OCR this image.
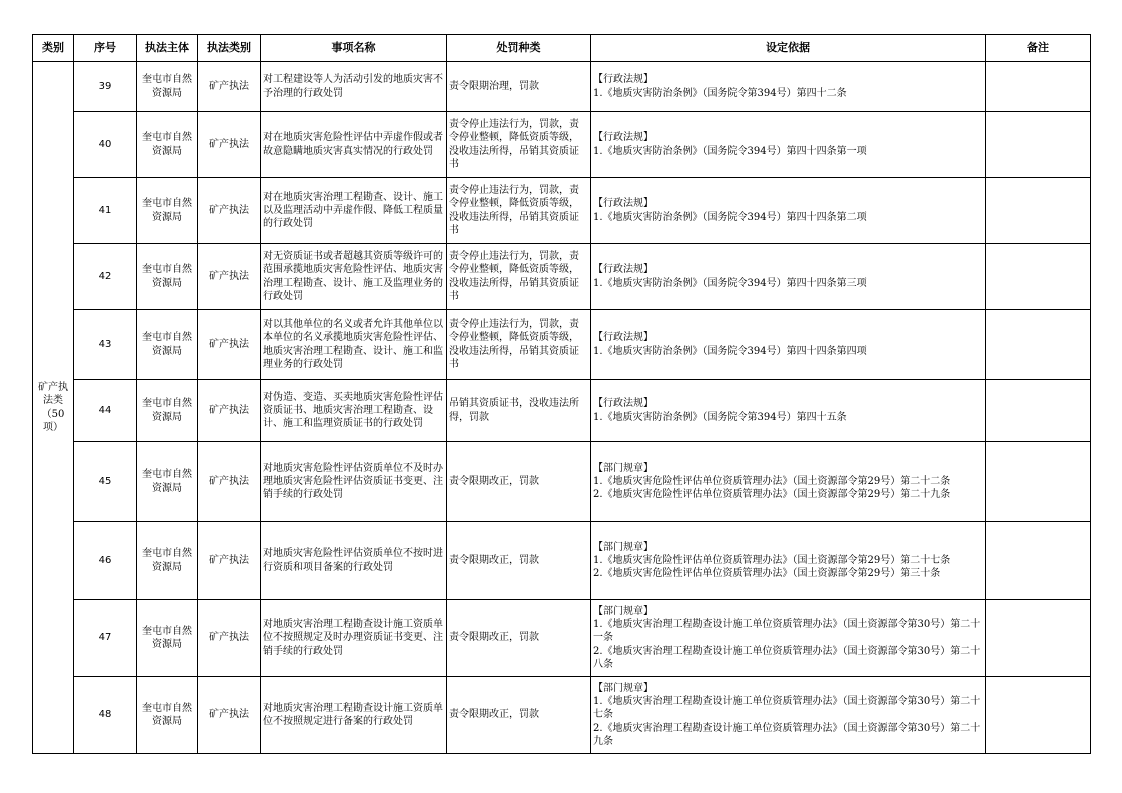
类别	序号	执法主体	执法类别	事项名称	处罚种类	设定依据	备注
矿产执法类（50项）	39	奎屯市自然资源局	矿产执法	对工程建设等人为活动引发的地质灾害不予治理的行政处罚	责令限期治理，罚款	【行政法规】
1.《地质灾害防治条例》（国务院令第394号）第四十二条	

	40	奎屯市自然资源局	矿产执法	对在地质灾害危险性评估中弄虚作假或者故意隐瞒地质灾害真实情况的行政处罚	责令停止违法行为，罚款，责令停业整顿，降低资质等级，没收违法所得，吊销其资质证书	【行政法规】
1.《地质灾害防治条例》（国务院令394号）第四十四条第一项	

	41	奎屯市自然资源局	矿产执法	对在地质灾害治理工程勘查、设计、施工以及监理活动中弄虚作假、降低工程质量的行政处罚	责令停止违法行为，罚款，责令停业整顿，降低资质等级，没收违法所得，吊销其资质证书	【行政法规】
1.《地质灾害防治条例》（国务院令394号）第四十四条第二项	

	42	奎屯市自然资源局	矿产执法	对无资质证书或者超越其资质等级许可的范围承揽地质灾害危险性评估、地质灾害治理工程勘查、设计、施工及监理业务的行政处罚	责令停止违法行为，罚款，责令停业整顿，降低资质等级，没收违法所得，吊销其资质证书	【行政法规】
1.《地质灾害防治条例》（国务院令394号）第四十四条第三项	

	43	奎屯市自然资源局	矿产执法	对以其他单位的名义或者允许其他单位以本单位的名义承揽地质灾害危险性评估、地质灾害治理工程勘查、设计、施工和监理业务的行政处罚	责令停止违法行为，罚款，责令停业整顿，降低资质等级，没收违法所得，吊销其资质证书	【行政法规】
1.《地质灾害防治条例》（国务院令394号）第四十四条第四项	

	44	奎屯市自然资源局	矿产执法	对伪造、变造、买卖地质灾害危险性评估资质证书、地质灾害治理工程勘查、设计、施工和监理资质证书的行政处罚	吊销其资质证书，没收违法所得，罚款	【行政法规】
1.《地质灾害防治条例》（国务院令第394号）第四十五条	

	45	奎屯市自然资源局	矿产执法	对地质灾害危险性评估资质单位不及时办理地质灾害危险性评估资质证书变更、注销手续的行政处罚	责令限期改正，罚款	【部门规章】
1.《地质灾害危险性评估单位资质管理办法》（国土资源部令第29号）第二十二条
2.《地质灾害危险性评估单位资质管理办法》（国土资源部令第29号）第二十九条	

	46	奎屯市自然资源局	矿产执法	对地质灾害危险性评估资质单位不按时进行资质和项目备案的行政处罚	责令限期改正，罚款	【部门规章】
1.《地质灾害危险性评估单位资质管理办法》（国土资源部令第29号）第二十七条
2.《地质灾害危险性评估单位资质管理办法》（国土资源部令第29号）第三十条	

	47	奎屯市自然资源局	矿产执法	对地质灾害治理工程勘查设计施工资质单位不按照规定及时办理资质证书变更、注销手续的行政处罚	责令限期改正，罚款	【部门规章】
1.《地质灾害治理工程勘查设计施工单位资质管理办法》（国土资源部令第30号）第二十一条
2.《地质灾害治理工程勘查设计施工单位资质管理办法》（国土资源部令第30号）第二十八条	

	48	奎屯市自然资源局	矿产执法	对地质灾害治理工程勘查设计施工资质单位不按照规定进行备案的行政处罚	责令限期改正，罚款	【部门规章】
1.《地质灾害治理工程勘查设计施工单位资质管理办法》（国土资源部令第30号）第二十七条
2.《地质灾害治理工程勘查设计施工单位资质管理办法》（国土资源部令第30号）第二十九条	
